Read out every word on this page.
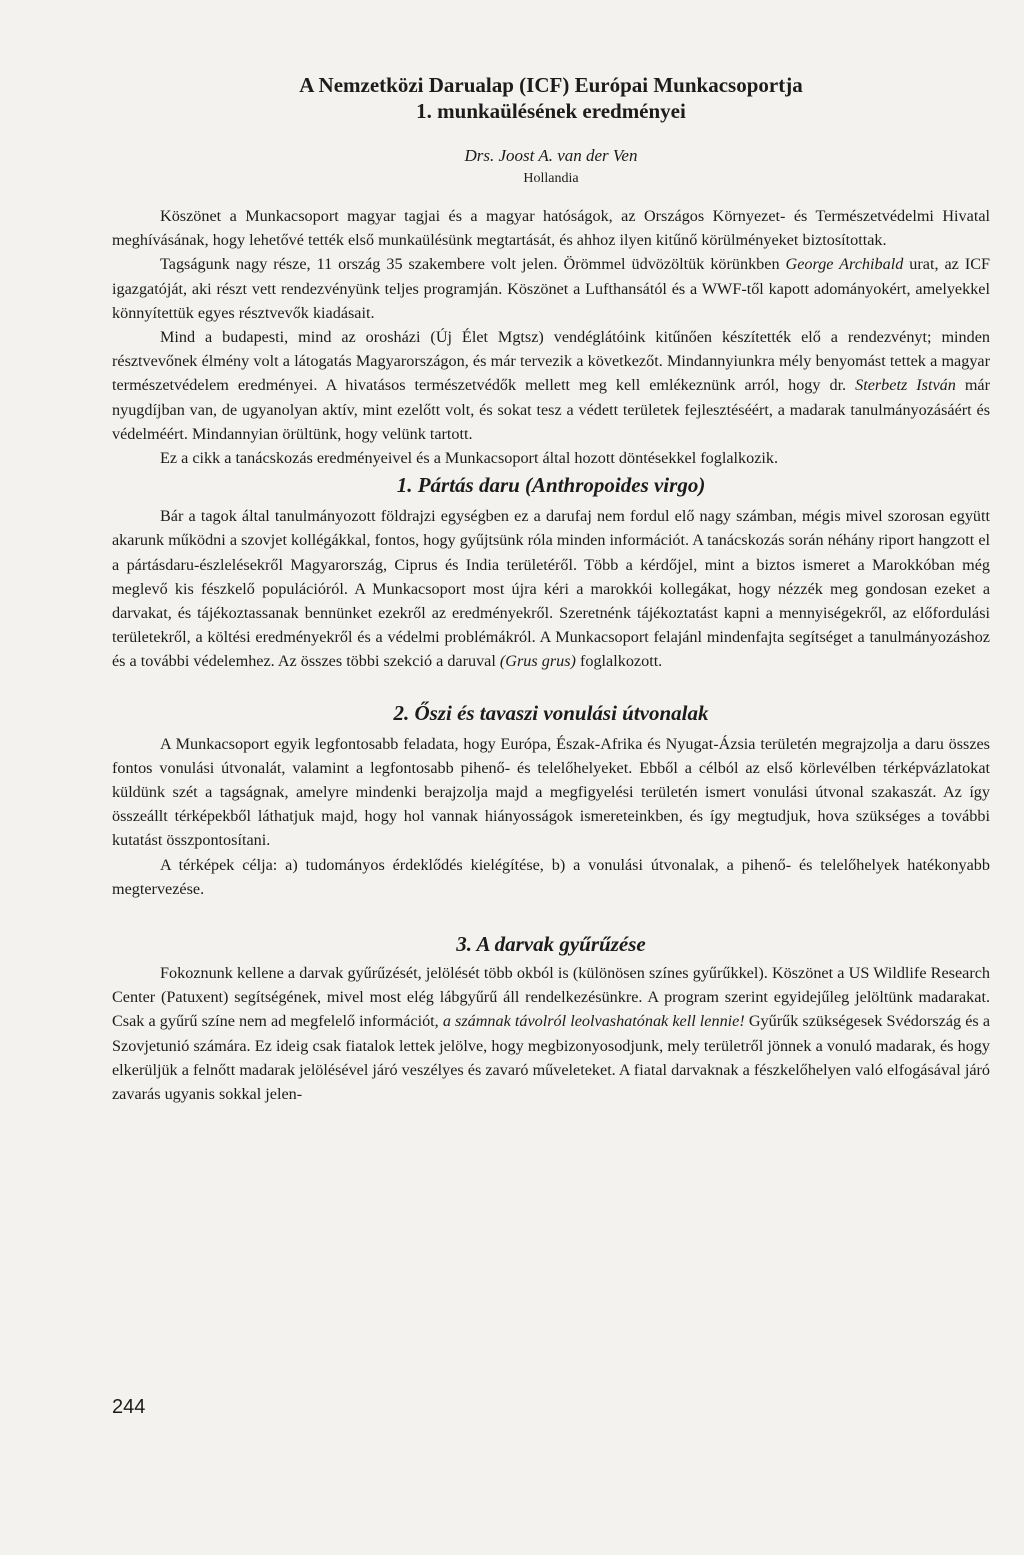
A Nemzetközi Darualap (ICF) Európai Munkacsoportja
1. munkaülésének eredményei
Drs. Joost A. van der Ven
Hollandia

Köszönet a Munkacsoport magyar tagjai és a magyar hatóságok, az Országos Környezet- és Természetvédelmi Hivatal meghívásának, hogy lehetővé tették első munkaülésünk megtartását, és ahhoz ilyen kitűnő körülményeket biztosítottak.

Tagságunk nagy része, 11 ország 35 szakembere volt jelen. Örömmel üdvözöltük körünkben George Archibald urat, az ICF igazgatóját, aki részt vett rendezvényünk teljes programján. Köszönet a Lufthansától és a WWF-től kapott adományokért, amelyekkel könnyítettük egyes résztvevők kiadásait.

Mind a budapesti, mind az orosházi (Új Élet Mgtsz) vendéglátóink kitűnően készítették elő a rendezvényt; minden résztvevőnek élmény volt a látogatás Magyarországon, és már tervezik a következőt. Mindannyiunkra mély benyomást tettek a magyar természetvédelem eredményei. A hivatásos természetvédők mellett meg kell emlékeznünk arról, hogy dr. Sterbetz István már nyugdíjban van, de ugyanolyan aktív, mint ezelőtt volt, és sokat tesz a védett területek fejlesztéséért, a madarak tanulmányozásáért és védelméért. Mindannyian örültünk, hogy velünk tartott.

Ez a cikk a tanácskozás eredményeivel és a Munkacsoport által hozott döntésekkel foglalkozik.

1. Pártás daru (Anthropoides virgo)

Bár a tagok által tanulmányozott földrajzi egységben ez a darufaj nem fordul elő nagy számban, mégis mivel szorosan együtt akarunk működni a szovjet kollégákkal, fontos, hogy gyűjtsünk róla minden információt. A tanácskozás során néhány riport hangzott el a pártásdaru-észlelésekről Magyarország, Ciprus és India területéről. Több a kérdőjel, mint a biztos ismeret a Marokkóban még meglevő kis fészkelő populációról. A Munkacsoport most újra kéri a marokkói kollegákat, hogy nézzék meg gondosan ezeket a darvakat, és tájékoztassanak bennünket ezekről az eredményekről. Szeretnénk tájékoztatást kapni a mennyiségekről, az előfordulási területekről, a költési eredményekről és a védelmi problémákról. A Munkacsoport felajánl mindenfajta segítséget a tanulmányozáshoz és a további védelemhez. Az összes többi szekció a daruval (Grus grus) foglalkozott.

2. Őszi és tavaszi vonulási útvonalak

A Munkacsoport egyik legfontosabb feladata, hogy Európa, Észak-Afrika és Nyugat-Ázsia területén megrajzolja a daru összes fontos vonulási útvonalát, valamint a legfontosabb pihenő- és telelőhelyeket. Ebből a célból az első körlevélben térképvázlatokat küldünk szét a tagságnak, amelyre mindenki berajzolja majd a megfigyelési területén ismert vonulási útvonal szakaszát. Az így összeállt térképekből láthatjuk majd, hogy hol vannak hiányosságok ismereteinkben, és így megtudjuk, hova szükséges a további kutatást összpontosítani.

A térképek célja: a) tudományos érdeklődés kielégítése, b) a vonulási útvonalak, a pihenő- és telelőhelyek hatékonyabb megtervezése.

3. A darvak gyűrűzése

Fokoznunk kellene a darvak gyűrűzését, jelölését több okból is (különösen színes gyűrűkkel). Köszönet a US Wildlife Research Center (Patuxent) segítségének, mivel most elég lábgyűrű áll rendelkezésünkre. A program szerint egyidejűleg jelöltünk madarakat. Csak a gyűrű színe nem ad megfelelő információt, a számnak távolról leolvashatónak kell lennie! Gyűrűk szükségesek Svédország és a Szovjetunió számára. Ez ideig csak fiatalok lettek jelölve, hogy megbizonyosodjunk, mely területről jönnek a vonuló madarak, és hogy elkerüljük a felnőtt madarak jelölésével járó veszélyes és zavaró műveleteket. A fiatal darvaknak a fészkelőhelyen való elfogásával járó zavarás ugyanis sokkal jelen-

244
